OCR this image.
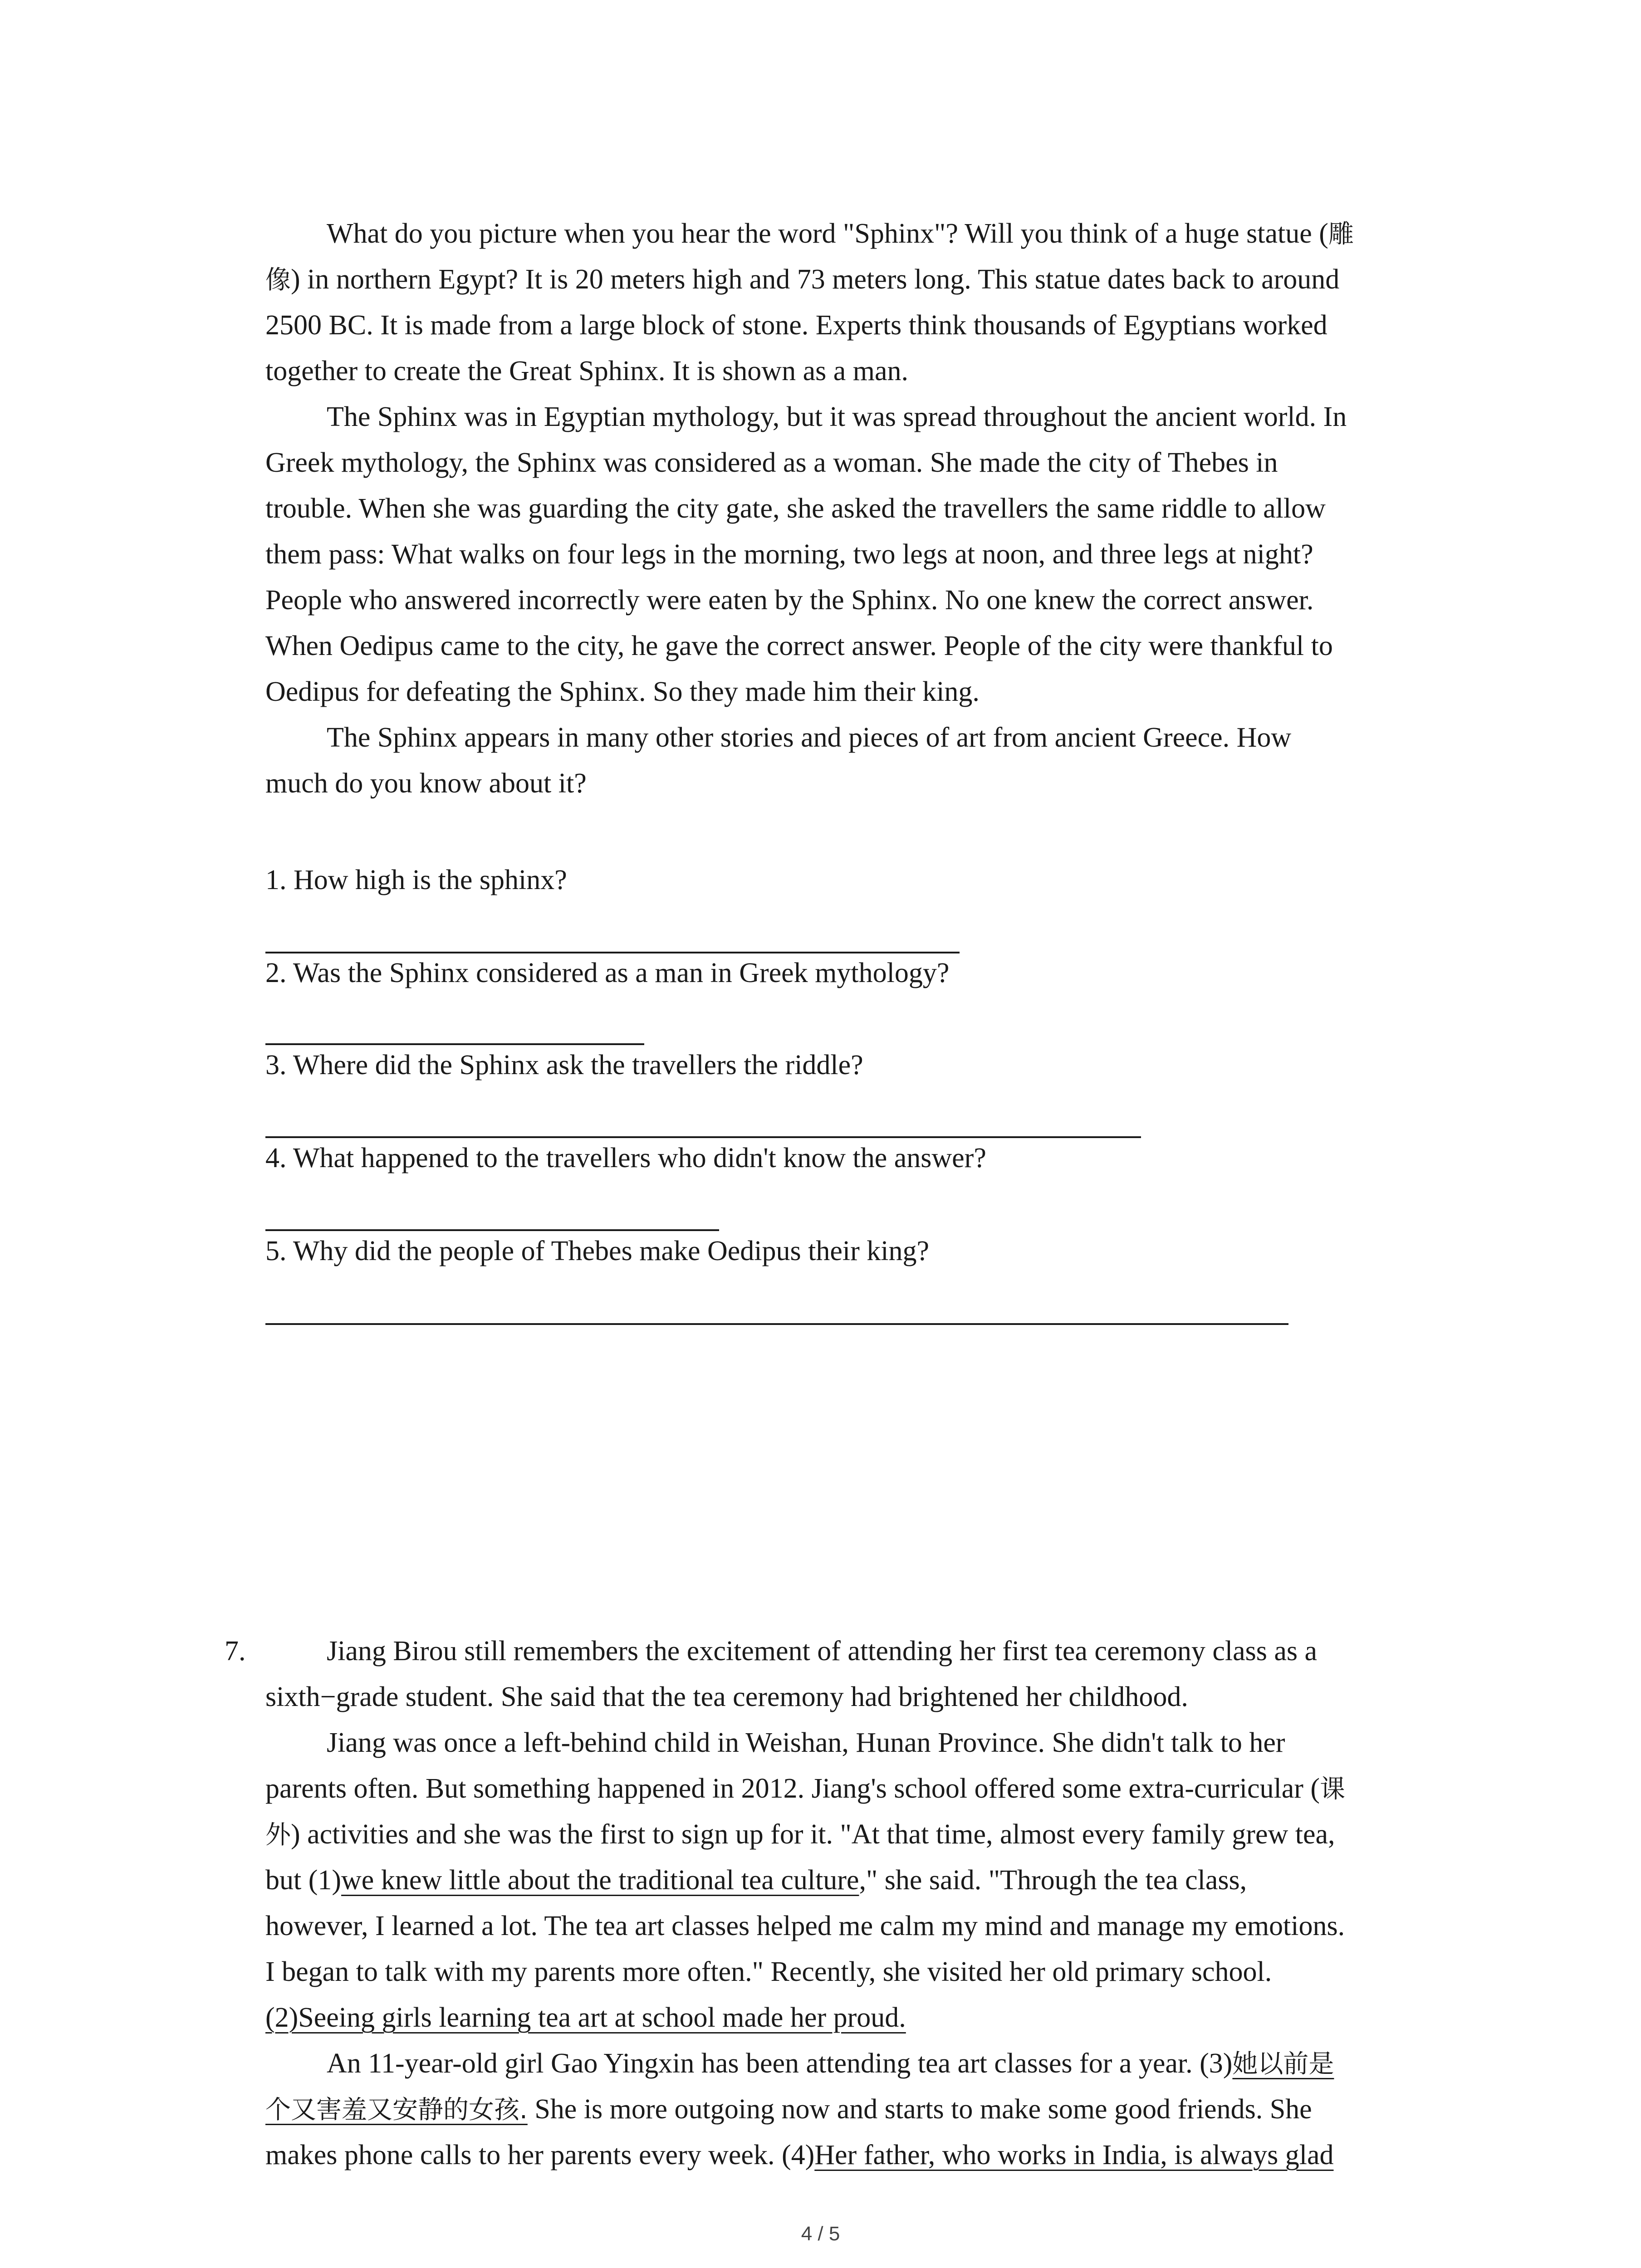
What do you picture when you hear the word "Sphinx"? Will you think of a huge statue (雕
像) in northern Egypt? It is 20 meters high and 73 meters long. This statue dates back to around
2500 BC. It is made from a large block of stone. Experts think thousands of Egyptians worked
together to create the Great Sphinx. It is shown as a man.
The Sphinx was in Egyptian mythology, but it was spread throughout the ancient world. In
Greek mythology, the Sphinx was considered as a woman. She made the city of Thebes in
trouble. When she was guarding the city gate, she asked the travellers the same riddle to allow
them pass: What walks on four legs in the morning, two legs at noon, and three legs at night?
People who answered incorrectly were eaten by the Sphinx. No one knew the correct answer.
When Oedipus came to the city, he gave the correct answer. People of the city were thankful to
Oedipus for defeating the Sphinx. So they made him their king.
The Sphinx appears in many other stories and pieces of art from ancient Greece. How
much do you know about it?
1. How high is the sphinx?
2. Was the Sphinx considered as a man in Greek mythology?
3. Where did the Sphinx ask the travellers the riddle?
4. What happened to the travellers who didn't know the answer?
5. Why did the people of Thebes make Oedipus their king?
7.	Jiang Birou still remembers the excitement of attending her first tea ceremony class as a
sixth−grade student. She said that the tea ceremony had brightened her childhood.
Jiang was once a left-behind child in Weishan, Hunan Province. She didn't talk to her
parents often. But something happened in 2012. Jiang's school offered some extra-curricular (课
外) activities and she was the first to sign up for it. "At that time, almost every family grew tea,
but (1)we knew little about the traditional tea culture," she said. "Through the tea class,
however, I learned a lot. The tea art classes helped me calm my mind and manage my emotions.
I began to talk with my parents more often." Recently, she visited her old primary school.
(2)Seeing girls learning tea art at school made her proud.
An 11-year-old girl Gao Yingxin has been attending tea art classes for a year. (3)她以前是
个又害羞又安静的女孩. She is more outgoing now and starts to make some good friends. She
makes phone calls to her parents every week. (4)Her father, who works in India, is always glad
4 / 5
